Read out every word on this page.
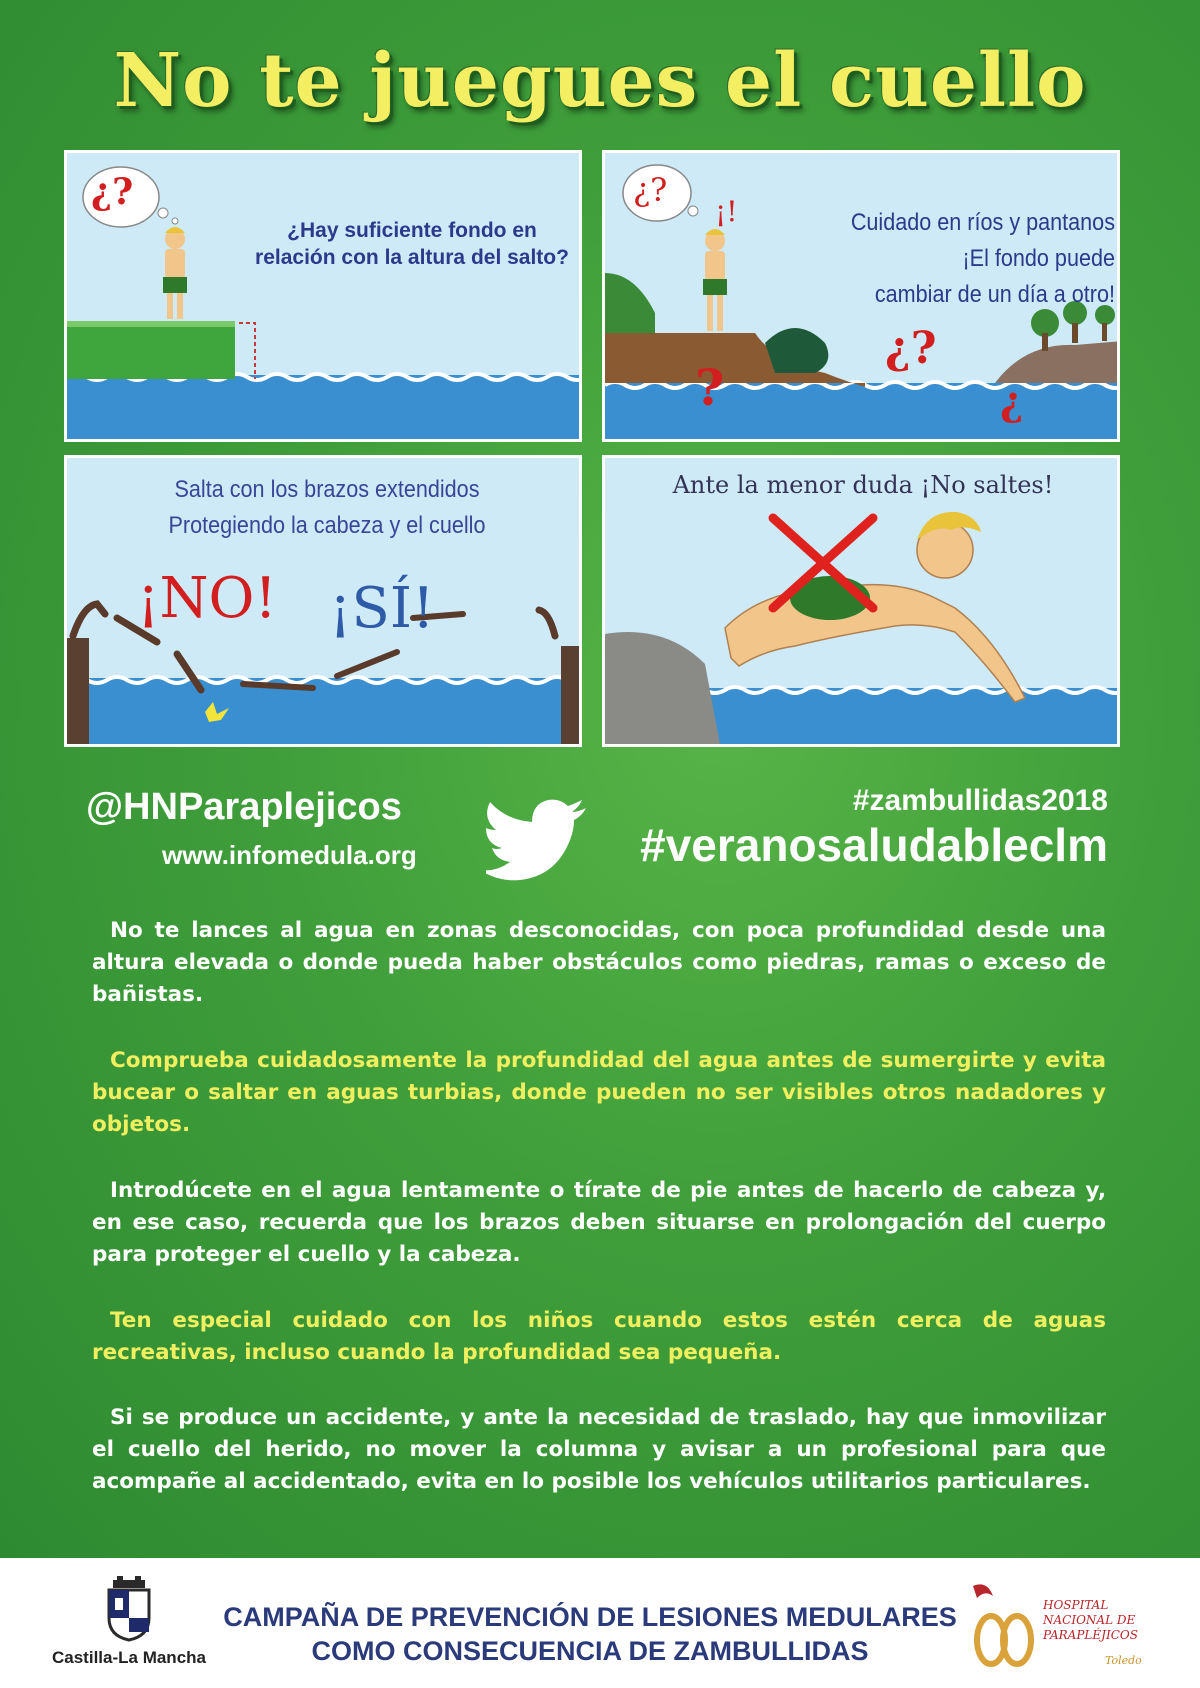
No te juegues el cuello
¿?
¿Hay suficiente fondo en relación con la altura del salto?
¿?
¡!
¿?
?	¿
Cuidado en ríos y pantanos
¡El fondo puede
cambiar de un día a otro!
Salta con los brazos extendidos
Protegiendo la cabeza y el cuello
¡NO! ¡SÍ!
Ante la menor duda ¡No saltes!
@HNParaplejicos
www.infomedula.org
#zambullidas2018
#veranosaludableclm

No te lances al agua en zonas desconocidas, con poca profundidad desde una altura elevada o donde pueda haber obstáculos como piedras, ramas o exceso de bañistas.

Comprueba cuidadosamente la profundidad del agua antes de sumergirte y evita bucear o saltar en aguas turbias, donde pueden no ser visibles otros nadadores y objetos.

Introdúcete en el agua lentamente o tírate de pie antes de hacerlo de cabeza y, en ese caso, recuerda que los brazos deben situarse en prolongación del cuerpo para proteger el cuello y la cabeza.

Ten especial cuidado con los niños cuando estos estén cerca de aguas recreativas, incluso cuando la profundidad sea pequeña.

Si se produce un accidente, y ante la necesidad de traslado, hay que inmovilizar el cuello del herido, no mover la columna y avisar a un profesional para que acompañe al accidentado, evita en lo posible los vehículos utilitarios particulares.

Castilla-La Mancha
CAMPAÑA DE PREVENCIÓN DE LESIONES MEDULARES
COMO CONSECUENCIA DE ZAMBULLIDAS
HOSPITAL
NACIONAL DE
PARAPLÉJICOS
Toledo
